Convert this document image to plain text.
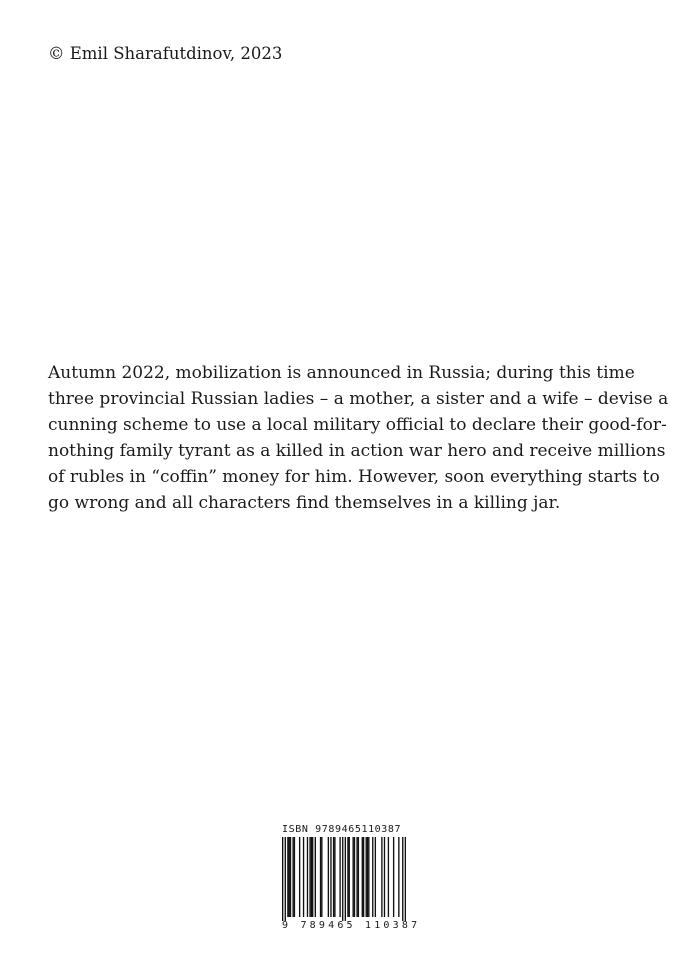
© Emil Sharafutdinov, 2023
Autumn 2022, mobilization is announced in Russia; during this time
three provincial Russian ladies – a mother, a sister and a wife – devise a
cunning scheme to use a local military official to declare their good-for-
nothing family tyrant as a killed in action war hero and receive millions
of rubles in “coffin” money for him. However, soon everything starts to
go wrong and all characters find themselves in a killing jar.
ISBN 9789465110387
9 789465 110387
